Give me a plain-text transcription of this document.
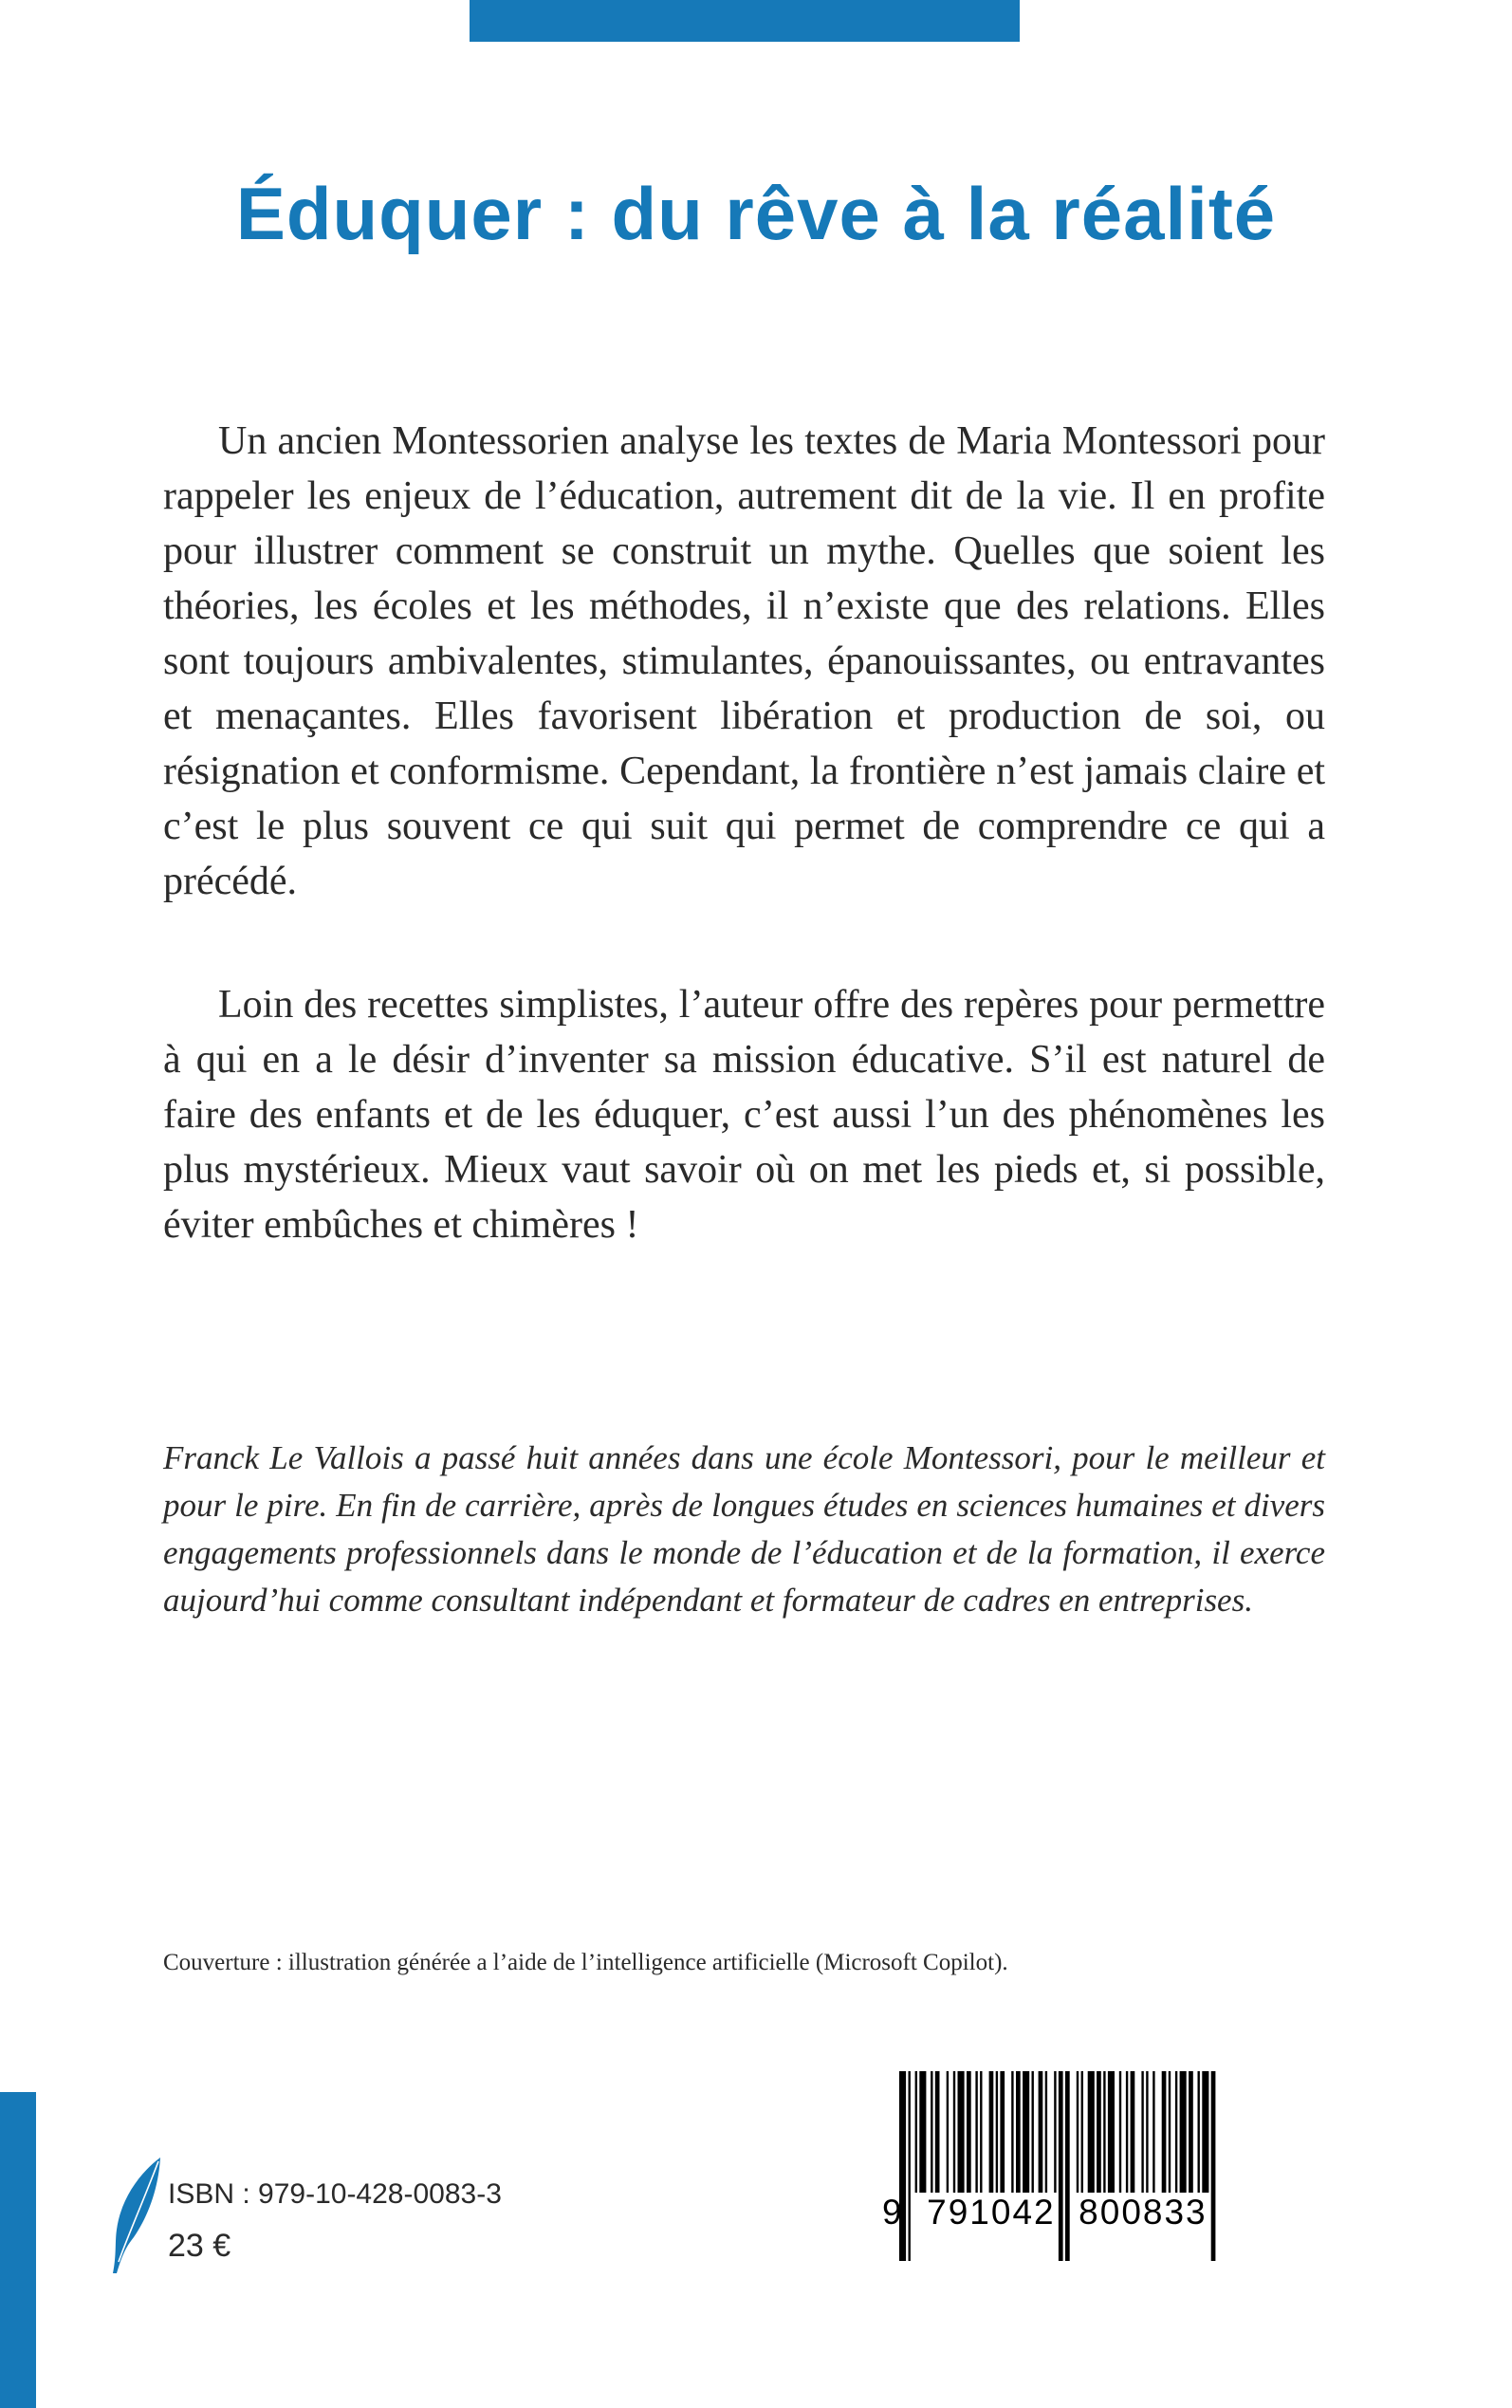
Éduquer : du rêve à la réalité

Un ancien Montessorien analyse les textes de Maria Montessori pour rappeler les enjeux de l’éducation, autrement dit de la vie. Il en profite pour illustrer comment se construit un mythe. Quelles que soient les théories, les écoles et les méthodes, il n’existe que des relations. Elles sont toujours ambivalentes, stimulantes, épanouissantes, ou entravantes et menaçantes. Elles favorisent libération et production de soi, ou résignation et conformisme. Cependant, la frontière n’est jamais claire et c’est le plus souvent ce qui suit qui permet de comprendre ce qui a précédé.

Loin des recettes simplistes, l’auteur offre des repères pour permettre à qui en a le désir d’inventer sa mission éducative. S’il est naturel de faire des enfants et de les éduquer, c’est aussi l’un des phénomènes les plus mystérieux. Mieux vaut savoir où on met les pieds et, si possible, éviter embûches et chimères !

Franck Le Vallois a passé huit années dans une école Montessori, pour le meilleur et pour le pire. En fin de carrière, après de longues études en sciences humaines et divers engagements professionnels dans le monde de l’éducation et de la formation, il exerce aujourd’hui comme consultant indépendant et formateur de cadres en entreprises.

Couverture : illustration générée a l’aide de l’intelligence artificielle (Microsoft Copilot).

ISBN : 979-10-428-0083-3

23 €

9  791042  800833
